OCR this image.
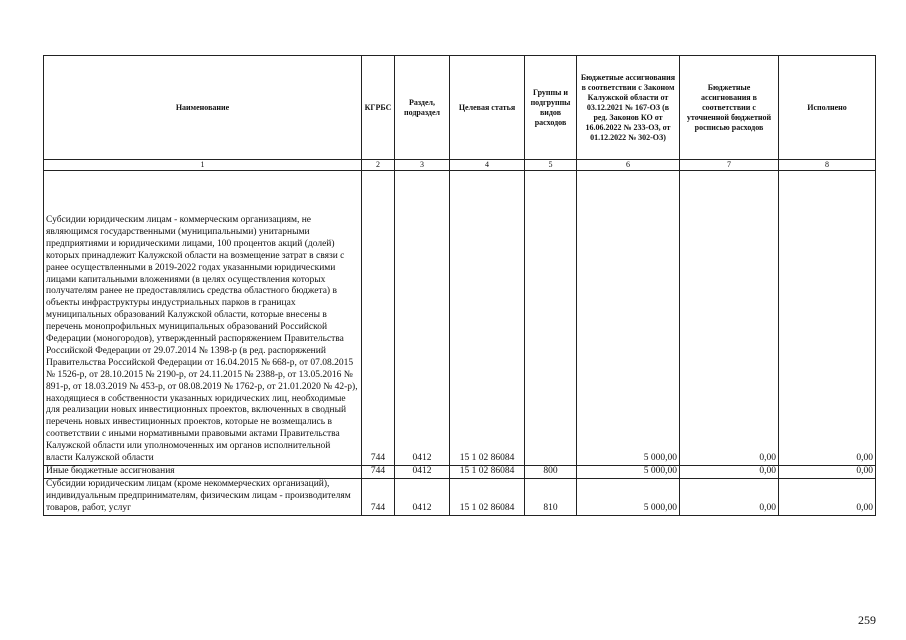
Наименование	КГРБС	Раздел, подраздел	Целевая статья	Группы и подгруппы видов расходов	Бюджетные ассигнования в соответствии с Законом Калужской области от 03.12.2021 № 167-ОЗ (в ред. Законов КО от 16.06.2022 № 233-ОЗ, от 01.12.2022 № 302-ОЗ)	Бюджетные ассигнования в соответствии с уточненной бюджетной росписью расходов	Исполнено
1	2	3	4	5	6	7	8
Субсидии юридическим лицам - коммерческим организациям, не являющимся государственными (муниципальными) унитарными предприятиями и юридическими лицами, 100 процентов акций (долей) которых принадлежит Калужской области на возмещение затрат в связи с ранее осуществленными в 2019-2022 годах указанными юридическими лицами капитальными вложениями (в целях осуществления которых получателям ранее не предоставлялись средства областного бюджета) в объекты инфраструктуры индустриальных парков в границах муниципальных образований Калужской области, которые внесены в перечень монопрофильных муниципальных образований Российской Федерации (моногородов), утвержденный распоряжением Правительства Российской Федерации от 29.07.2014 № 1398-р (в ред. распоряжений Правительства Российской Федерации от 16.04.2015 № 668-р, от 07.08.2015 № 1526-р, от 28.10.2015 № 2190-р, от 24.11.2015 № 2388-р, от 13.05.2016 № 891-р, от 18.03.2019 № 453-р, от 08.08.2019 № 1762-р, от 21.01.2020 № 42-р), находящиеся в собственности указанных юридических лиц, необходимые для реализации новых инвестиционных проектов, включенных в сводный перечень новых инвестиционных проектов, которые не возмещались в соответствии с иными нормативными правовыми актами Правительства Калужской области или уполномоченных им органов исполнительной власти Калужской области	744	0412	15 1 02 86084		5 000,00	0,00	0,00
Иные бюджетные ассигнования	744	0412	15 1 02 86084	800	5 000,00	0,00	0,00
Субсидии юридическим лицам (кроме некоммерческих организаций), индивидуальным предпринимателям, физическим лицам - производителям товаров, работ, услуг	744	0412	15 1 02 86084	810	5 000,00	0,00	0,00
259
